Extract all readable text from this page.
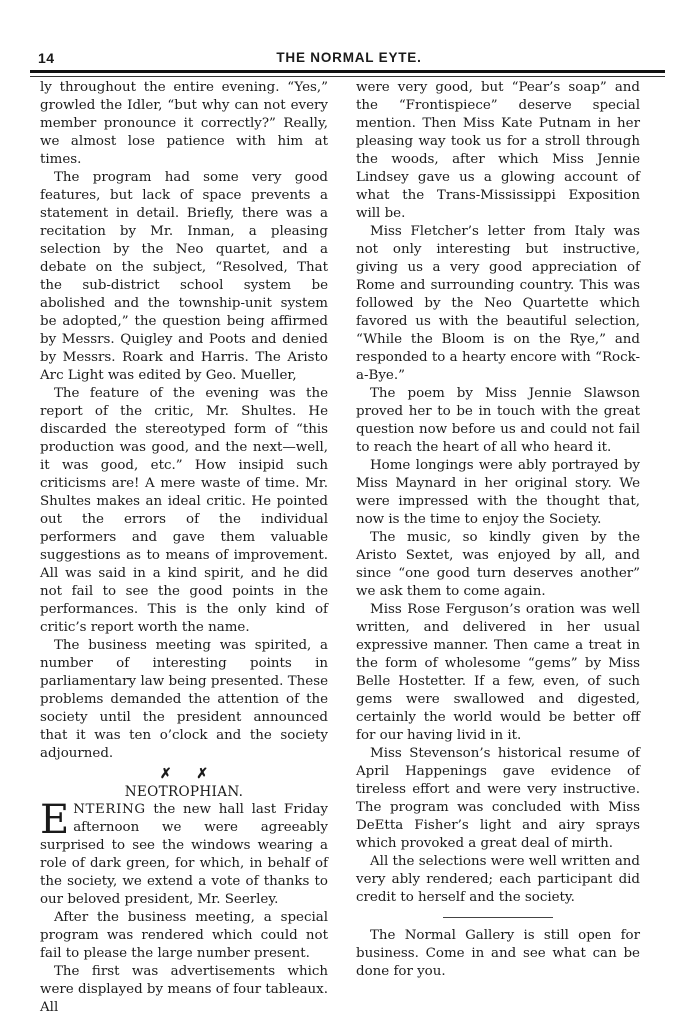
14	THE NORMAL EYTE.

ly throughout the entire evening. “Yes,” growled the Idler, “but why can not every member pronounce it correctly?” Really, we almost lose patience with him at times.

The program had some very good features, but lack of space prevents a statement in detail. Briefly, there was a recitation by Mr. Inman, a pleasing selection by the Neo quartet, and a debate on the subject, “Resolved, That the sub-district school system be abolished and the township-unit system be adopted,” the question being affirmed by Messrs. Quigley and Poots and denied by Messrs. Roark and Harris. The Aristo Arc Light was edited by Geo. Mueller,

The feature of the evening was the report of the critic, Mr. Shultes. He discarded the stereotyped form of “this production was good, and the next—well, it was good, etc.” How insipid such criticisms are! A mere waste of time. Mr. Shultes makes an ideal critic. He pointed out the errors of the individual performers and gave them valuable suggestions as to means of improvement. All was said in a kind spirit, and he did not fail to see the good points in the performances. This is the only kind of critic’s report worth the name.

The business meeting was spirited, a number of interesting points in parliamentary law being presented. These problems demanded the attention of the society until the president announced that it was ten o’clock and the society adjourned.

✗ ✗
NEOTROPHIAN.

ENTERING the new hall last Friday afternoon we were agreeably surprised to see the windows wearing a role of dark green, for which, in behalf of the society, we extend a vote of thanks to our beloved president, Mr. Seerley.

After the business meeting, a special program was rendered which could not fail to please the large number present.

The first was advertisements which were displayed by means of four tableaux. All

were very good, but “Pear’s soap” and the “Frontispiece” deserve special mention. Then Miss Kate Putnam in her pleasing way took us for a stroll through the woods, after which Miss Jennie Lindsey gave us a glowing account of what the Trans-Mississippi Exposition will be.

Miss Fletcher’s letter from Italy was not only interesting but instructive, giving us a very good appreciation of Rome and surrounding country. This was followed by the Neo Quartette which favored us with the beautiful selection, “While the Bloom is on the Rye,” and responded to a hearty encore with “Rock-a-Bye.”

The poem by Miss Jennie Slawson proved her to be in touch with the great question now before us and could not fail to reach the heart of all who heard it.

Home longings were ably portrayed by Miss Maynard in her original story. We were impressed with the thought that, now is the time to enjoy the Society.

The music, so kindly given by the Aristo Sextet, was enjoyed by all, and since “one good turn deserves another” we ask them to come again.

Miss Rose Ferguson’s oration was well written, and delivered in her usual expressive manner. Then came a treat in the form of wholesome “gems” by Miss Belle Hostetter. If a few, even, of such gems were swallowed and digested, certainly the world would be better off for our having livid in it.

Miss Stevenson’s historical resume of April Happenings gave evidence of tireless effort and were very instructive. The program was concluded with Miss DeEtta Fisher’s light and airy sprays which provoked a great deal of mirth.

All the selections were well written and very ably rendered; each participant did credit to herself and the society.

The Normal Gallery is still open for business. Come in and see what can be done for you.
